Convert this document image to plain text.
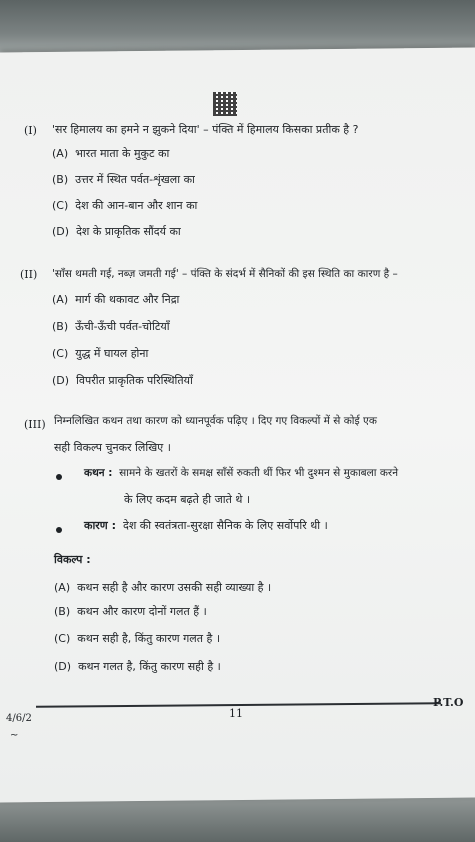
(I) 'सर हिमालय का हमने न झुकने दिया' – पंक्ति में हिमालय किसका प्रतीक है ?
(A) भारत माता के मुकुट का
(B) उत्तर में स्थित पर्वत-शृंखला का
(C) देश की आन-बान और शान का
(D) देश के प्राकृतिक सौंदर्य का
(II) 'साँस थमती गई, नब्ज़ जमती गई' – पंक्ति के संदर्भ में सैनिकों की इस स्थिति का कारण है –
(A) मार्ग की थकावट और निद्रा
(B) ऊँची-ऊँची पर्वत-चोटियाँ
(C) युद्ध में घायल होना
(D) विपरीत प्राकृतिक परिस्थितियाँ
(III) निम्नलिखित कथन तथा कारण को ध्यानपूर्वक पढ़िए । दिए गए विकल्पों में से कोई एक
सही विकल्प चुनकर लिखिए ।
कथन : सामने के खतरों के समक्ष साँसें रुकती थीं फिर भी दुश्मन से मुकाबला करने
के लिए कदम बढ़ते ही जाते थे ।
कारण : देश की स्वतंत्रता-सुरक्षा सैनिक के लिए सर्वोपरि थी ।
विकल्प :
(A) कथन सही है और कारण उसकी सही व्याख्या है ।
(B) कथन और कारण दोनों गलत हैं ।
(C) कथन सही है, किंतु कारण गलत है ।
(D) कथन गलत है, किंतु कारण सही है ।
P.T.O
11
4/6/2
~
